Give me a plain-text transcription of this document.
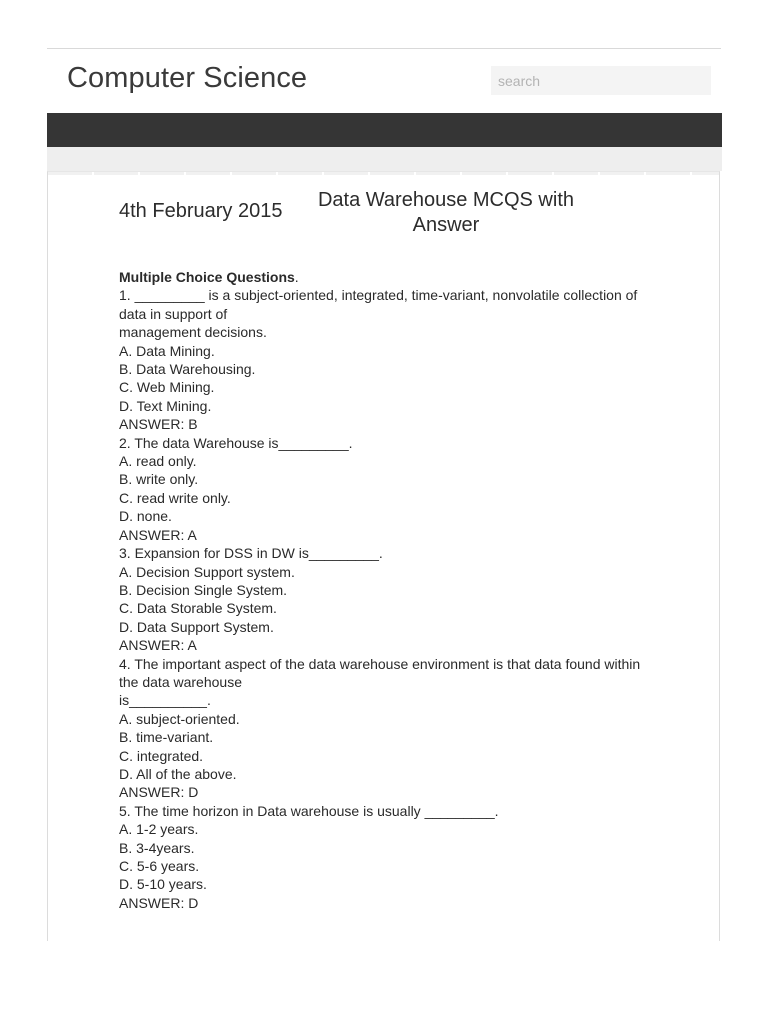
Computer Science
search
4th February 2015 Data Warehouse MCQS with Answer
Multiple Choice Questions.
1. _________ is a subject-oriented, integrated, time-variant, nonvolatile collection of
data in support of
management decisions.
A. Data Mining.
B. Data Warehousing.
C. Web Mining.
D. Text Mining.
ANSWER: B
2. The data Warehouse is_________.
A. read only.
B. write only.
C. read write only.
D. none.
ANSWER: A
3. Expansion for DSS in DW is_________.
A. Decision Support system.
B. Decision Single System.
C. Data Storable System.
D. Data Support System.
ANSWER: A
4. The important aspect of the data warehouse environment is that data found within
the data warehouse
is__________.
A. subject-oriented.
B. time-variant.
C. integrated.
D. All of the above.
ANSWER: D
5. The time horizon in Data warehouse is usually _________.
A. 1-2 years.
B. 3-4years.
C. 5-6 years.
D. 5-10 years.
ANSWER: D
